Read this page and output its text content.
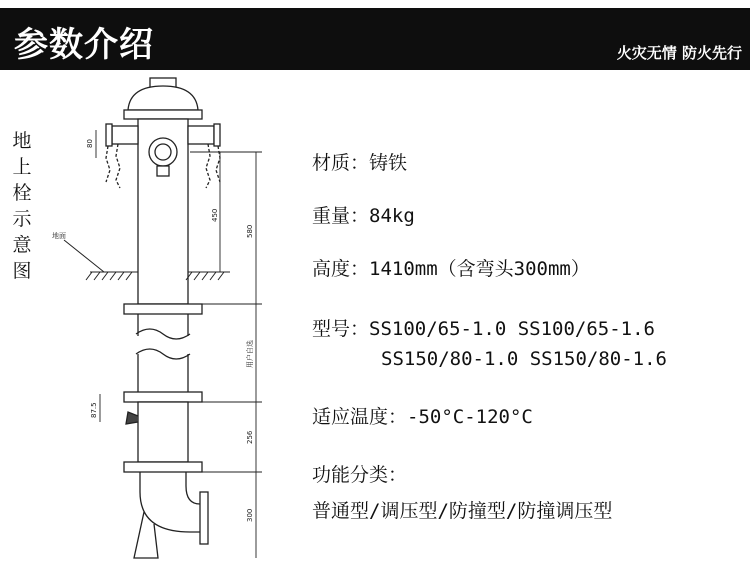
参数介绍	火灾无情 防火先行
地上栓示意图
地面
80
450
580
用户自选
87.5
256
300
材质：铸铁
重量：84kg
高度：1410mm（含弯头300mm）
型号：SS100/65-1.0 SS100/65-1.6
SS150/80-1.0 SS150/80-1.6
适应温度：-50°C-120°C
功能分类：
普通型/调压型/防撞型/防撞调压型
